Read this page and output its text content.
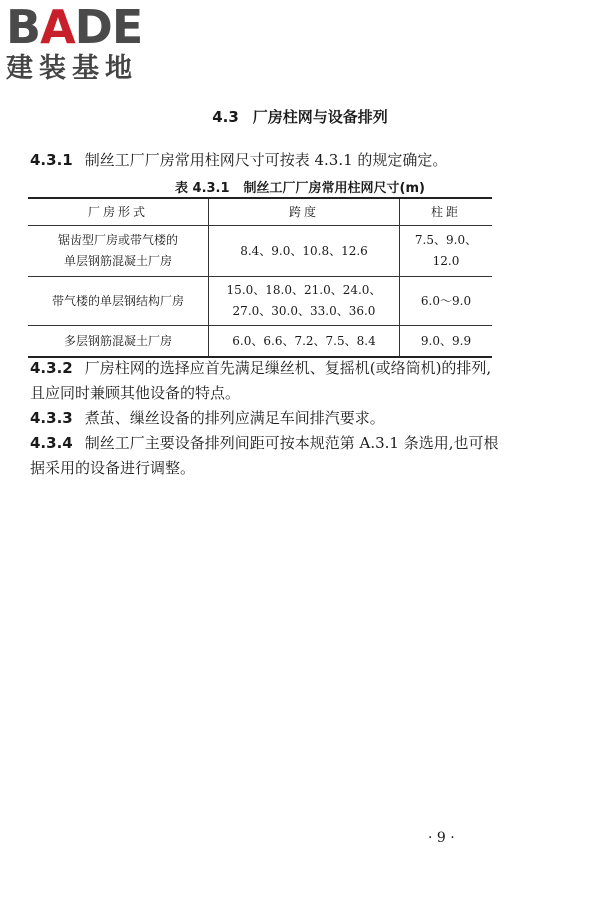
BADE
建装基地
4.3 厂房柱网与设备排列
4.3.1 制丝工厂厂房常用柱网尺寸可按表 4.3.1 的规定确定。
表 4.3.1 制丝工厂厂房常用柱网尺寸(m)
厂房形式	跨度	柱距

锯齿型厂房或带气楼的
单层钢筋混凝土厂房	8.4、9.0、10.8、12.6	7.5、9.0、12.0
带气楼的单层钢结构厂房	15.0、18.0、21.0、24.0、
27.0、30.0、33.0、36.0	6.0～9.0
多层钢筋混凝土厂房	6.0、6.6、7.2、7.5、8.4	9.0、9.9
4.3.2 厂房柱网的选择应首先满足缫丝机、复摇机(或络筒机)的排列,且应同时兼顾其他设备的特点。
4.3.3 煮茧、缫丝设备的排列应满足车间排汽要求。
4.3.4 制丝工厂主要设备排列间距可按本规范第 A.3.1 条选用,也可根据采用的设备进行调整。
· 9 ·
